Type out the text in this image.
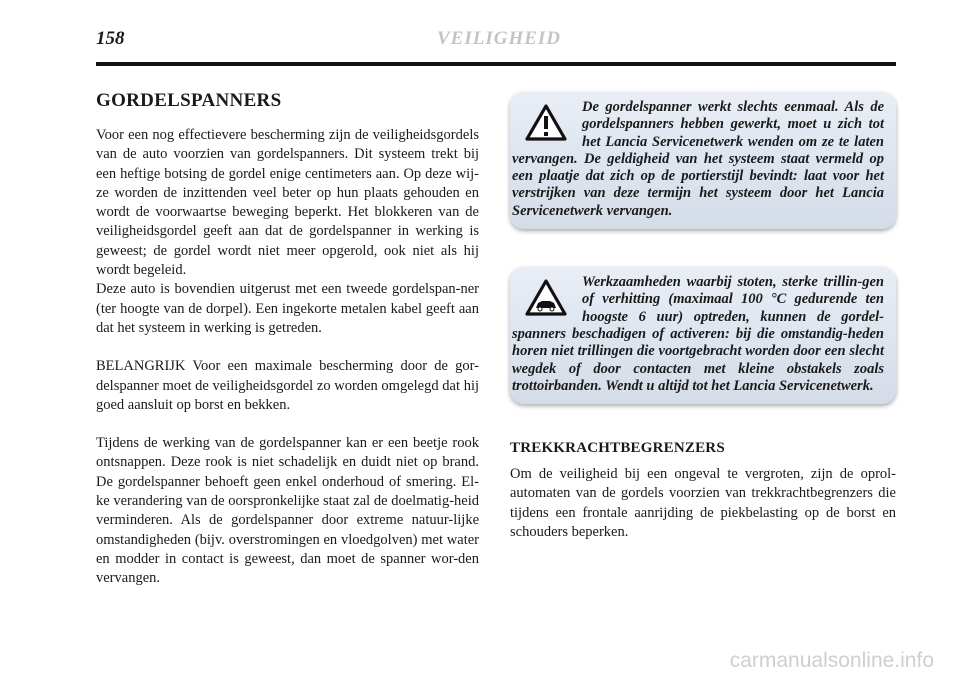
158	VEILIGHEID
GORDELSPANNERS

Voor een nog effectievere bescherming zijn de veiligheidsgordels van de auto voorzien van gordelspanners. Dit systeem trekt bij een heftige botsing de gordel enige centimeters aan. Op deze wij-ze worden de inzittenden veel beter op hun plaats gehouden en wordt de voorwaartse beweging beperkt. Het blokkeren van de veiligheidsgordel geeft aan dat de gordelspanner in werking is geweest; de gordel wordt niet meer opgerold, ook niet als hij wordt begeleid.

Deze auto is bovendien uitgerust met een tweede gordelspan-ner (ter hoogte van de dorpel). Een ingekorte metalen kabel geeft aan dat het systeem in werking is getreden.

BELANGRIJK Voor een maximale bescherming door de gor-delspanner moet de veiligheidsgordel zo worden omgelegd dat hij goed aansluit op borst en bekken.

Tijdens de werking van de gordelspanner kan er een beetje rook ontsnappen. Deze rook is niet schadelijk en duidt niet op brand. De gordelspanner behoeft geen enkel onderhoud of smering. El-ke verandering van de oorspronkelijke staat zal de doelmatig-heid verminderen. Als de gordelspanner door extreme natuur-lijke omstandigheden (bijv. overstromingen en vloedgolven) met water en modder in contact is geweest, dan moet de spanner wor-den vervangen.

De gordelspanner werkt slechts eenmaal. Als de gordelspanners hebben gewerkt, moet u zich tot het Lancia Servicenetwerk wenden om ze te laten vervangen. De geldigheid van het systeem staat vermeld op een plaatje dat zich op de portierstijl bevindt: laat voor het verstrijken van deze termijn het systeem door het Lancia Servicenetwerk vervangen.
Werkzaamheden waarbij stoten, sterke trillin-gen of verhitting (maximaal 100 °C gedurende ten hoogste 6 uur) optreden, kunnen de gordel-spanners beschadigen of activeren: bij die omstandig-heden horen niet trillingen die voortgebracht worden door een slecht wegdek of door contacten met kleine obstakels zoals trottoirbanden. Wendt u altijd tot het Lancia Servicenetwerk.
TREKKRACHTBEGRENZERS

Om de veiligheid bij een ongeval te vergroten, zijn de oprol-automaten van de gordels voorzien van trekkrachtbegrenzers die tijdens een frontale aanrijding de piekbelasting op de borst en schouders beperken.

carmanualsonline.info
